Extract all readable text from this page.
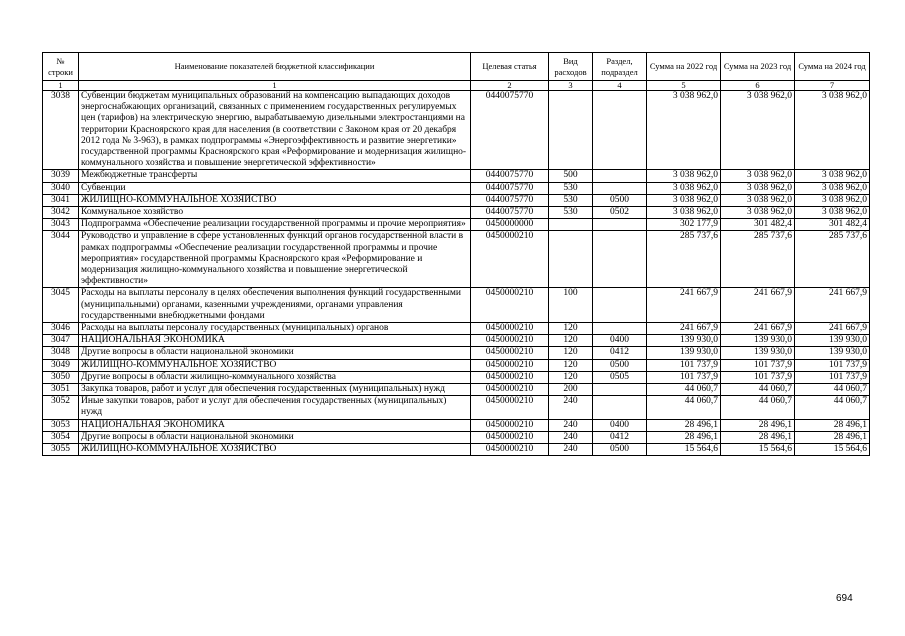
№ строки	Наименование показателей бюджетной классификации	Целевая статья	Вид расходов	Раздел, подраздел	Сумма на 2022 год	Сумма на 2023 год	Сумма на 2024 год
1	1	2	3	4	5	6	7
3038	Субвенции бюджетам муниципальных образований на компенсацию выпадающих доходов энергоснабжающих организаций, связанных с применением государственных регулируемых цен (тарифов) на электрическую энергию, вырабатываемую дизельными электростанциями на территории Красноярского края для населения (в соответствии с Законом края от 20 декабря 2012 года № 3-963), в рамках подпрограммы «Энергоэффективность и развитие энергетики» государственной программы Красноярского края «Реформирование и модернизация жилищно-коммунального хозяйства и повышение энергетической эффективности»	0440075770			3 038 962,0	3 038 962,0	3 038 962,0
3039	Межбюджетные трансферты	0440075770	500		3 038 962,0	3 038 962,0	3 038 962,0
3040	Субвенции	0440075770	530		3 038 962,0	3 038 962,0	3 038 962,0
3041	ЖИЛИЩНО-КОММУНАЛЬНОЕ ХОЗЯЙСТВО	0440075770	530	0500	3 038 962,0	3 038 962,0	3 038 962,0
3042	Коммунальное хозяйство	0440075770	530	0502	3 038 962,0	3 038 962,0	3 038 962,0
3043	Подпрограмма «Обеспечение реализации государственной программы и прочие мероприятия»	0450000000			302 177,9	301 482,4	301 482,4
3044	Руководство и управление в сфере установленных функций органов государственной власти в рамках подпрограммы «Обеспечение реализации государственной программы и прочие мероприятия» государственной программы Красноярского края «Реформирование и модернизация жилищно-коммунального хозяйства и повышение энергетической эффективности»	0450000210			285 737,6	285 737,6	285 737,6
3045	Расходы на выплаты персоналу в целях обеспечения выполнения функций государственными (муниципальными) органами, казенными учреждениями, органами управления государственными внебюджетными фондами	0450000210	100		241 667,9	241 667,9	241 667,9
3046	Расходы на выплаты персоналу государственных (муниципальных) органов	0450000210	120		241 667,9	241 667,9	241 667,9
3047	НАЦИОНАЛЬНАЯ ЭКОНОМИКА	0450000210	120	0400	139 930,0	139 930,0	139 930,0
3048	Другие вопросы в области национальной экономики	0450000210	120	0412	139 930,0	139 930,0	139 930,0
3049	ЖИЛИЩНО-КОММУНАЛЬНОЕ ХОЗЯЙСТВО	0450000210	120	0500	101 737,9	101 737,9	101 737,9
3050	Другие вопросы в области жилищно-коммунального хозяйства	0450000210	120	0505	101 737,9	101 737,9	101 737,9
3051	Закупка товаров, работ и услуг для обеспечения государственных (муниципальных) нужд	0450000210	200		44 060,7	44 060,7	44 060,7
3052	Иные закупки товаров, работ и услуг для обеспечения государственных (муниципальных) нужд	0450000210	240		44 060,7	44 060,7	44 060,7
3053	НАЦИОНАЛЬНАЯ ЭКОНОМИКА	0450000210	240	0400	28 496,1	28 496,1	28 496,1
3054	Другие вопросы в области национальной экономики	0450000210	240	0412	28 496,1	28 496,1	28 496,1
3055	ЖИЛИЩНО-КОММУНАЛЬНОЕ ХОЗЯЙСТВО	0450000210	240	0500	15 564,6	15 564,6	15 564,6
694
